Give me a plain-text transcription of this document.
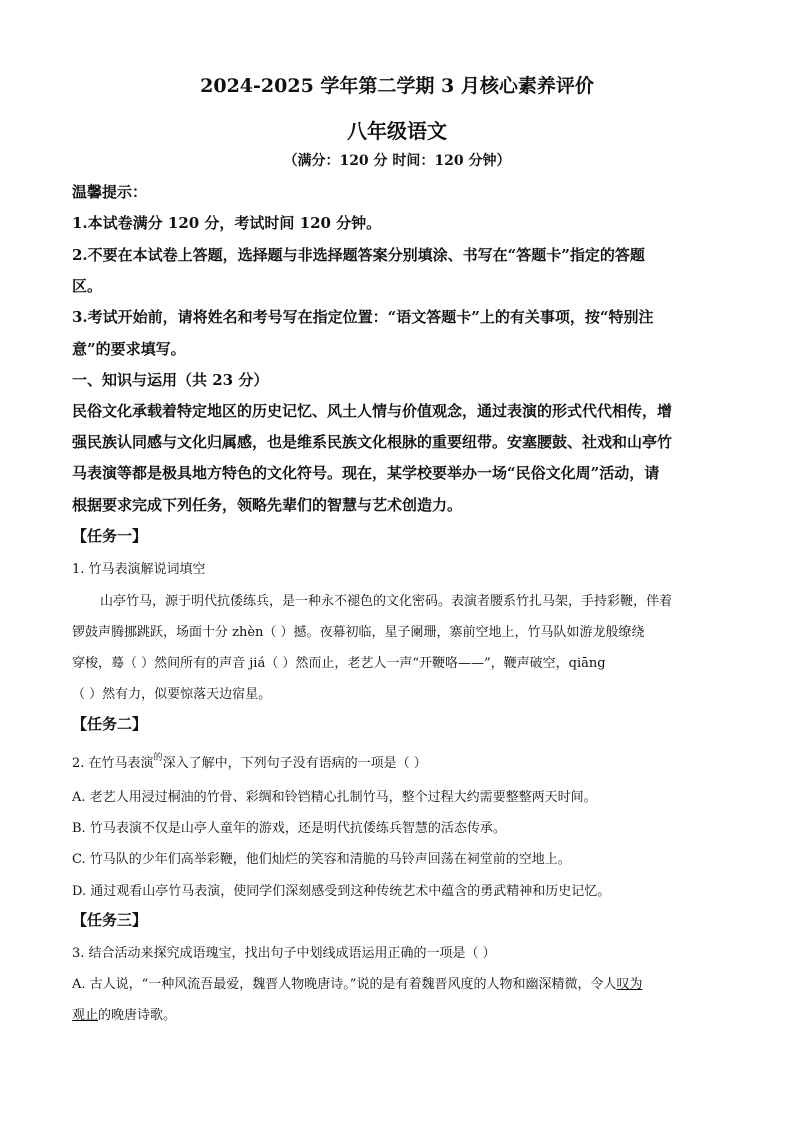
2024-2025 学年第二学期 3 月核心素养评价
八年级语文
（满分：120 分 时间：120 分钟）
温馨提示：
1.本试卷满分 120 分，考试时间 120 分钟。
2.不要在本试卷上答题，选择题与非选择题答案分别填涂、书写在“答题卡”指定的答题
区。
3.考试开始前，请将姓名和考号写在指定位置：“语文答题卡”上的有关事项，按“特别注
意”的要求填写。
一、知识与运用（共 23 分）
民俗文化承载着特定地区的历史记忆、风土人情与价值观念，通过表演的形式代代相传，增
强民族认同感与文化归属感，也是维系民族文化根脉的重要纽带。安塞腰鼓、社戏和山亭竹
马表演等都是极具地方特色的文化符号。现在，某学校要举办一场“民俗文化周”活动，请
根据要求完成下列任务，领略先辈们的智慧与艺术创造力。
【任务一】
1. 竹马表演解说词填空
山亭竹马，源于明代抗倭练兵，是一种永不褪色的文化密码。表演者腰系竹扎马架，手持彩鞭，伴着
锣鼓声腾挪跳跃，场面十分 zhèn（ ）撼。夜幕初临，星子阑珊，寨前空地上，竹马队如游龙般缭绕
穿梭，蓦（ ）然间所有的声音 jiá（ ）然而止，老艺人一声“开鞭咯——”，鞭声破空，qiāng
（ ）然有力，似要惊落天边宿星。
【任务二】
2. 在竹马表演$^的$深入了解中，下列句子没有语病的一项是（ ）
A. 老艺人用浸过桐油的竹骨、彩绸和铃铛精心扎制竹马，整个过程大约需要整整两天时间。
B. 竹马表演不仅是山亭人童年的游戏，还是明代抗倭练兵智慧的活态传承。
C. 竹马队的少年们高举彩鞭，他们灿烂的笑容和清脆的马铃声回荡在祠堂前的空地上。
D. 通过观看山亭竹马表演，使同学们深刻感受到这种传统艺术中蕴含的勇武精神和历史记忆。
【任务三】
3. 结合活动来探究成语瑰宝，找出句子中划线成语运用正确的一项是（ ）
A. 古人说，“一种风流吾最爱，魏晋人物晚唐诗。”说的是有着魏晋风度的人物和幽深精微，令人叹为
观止的晚唐诗歌。
